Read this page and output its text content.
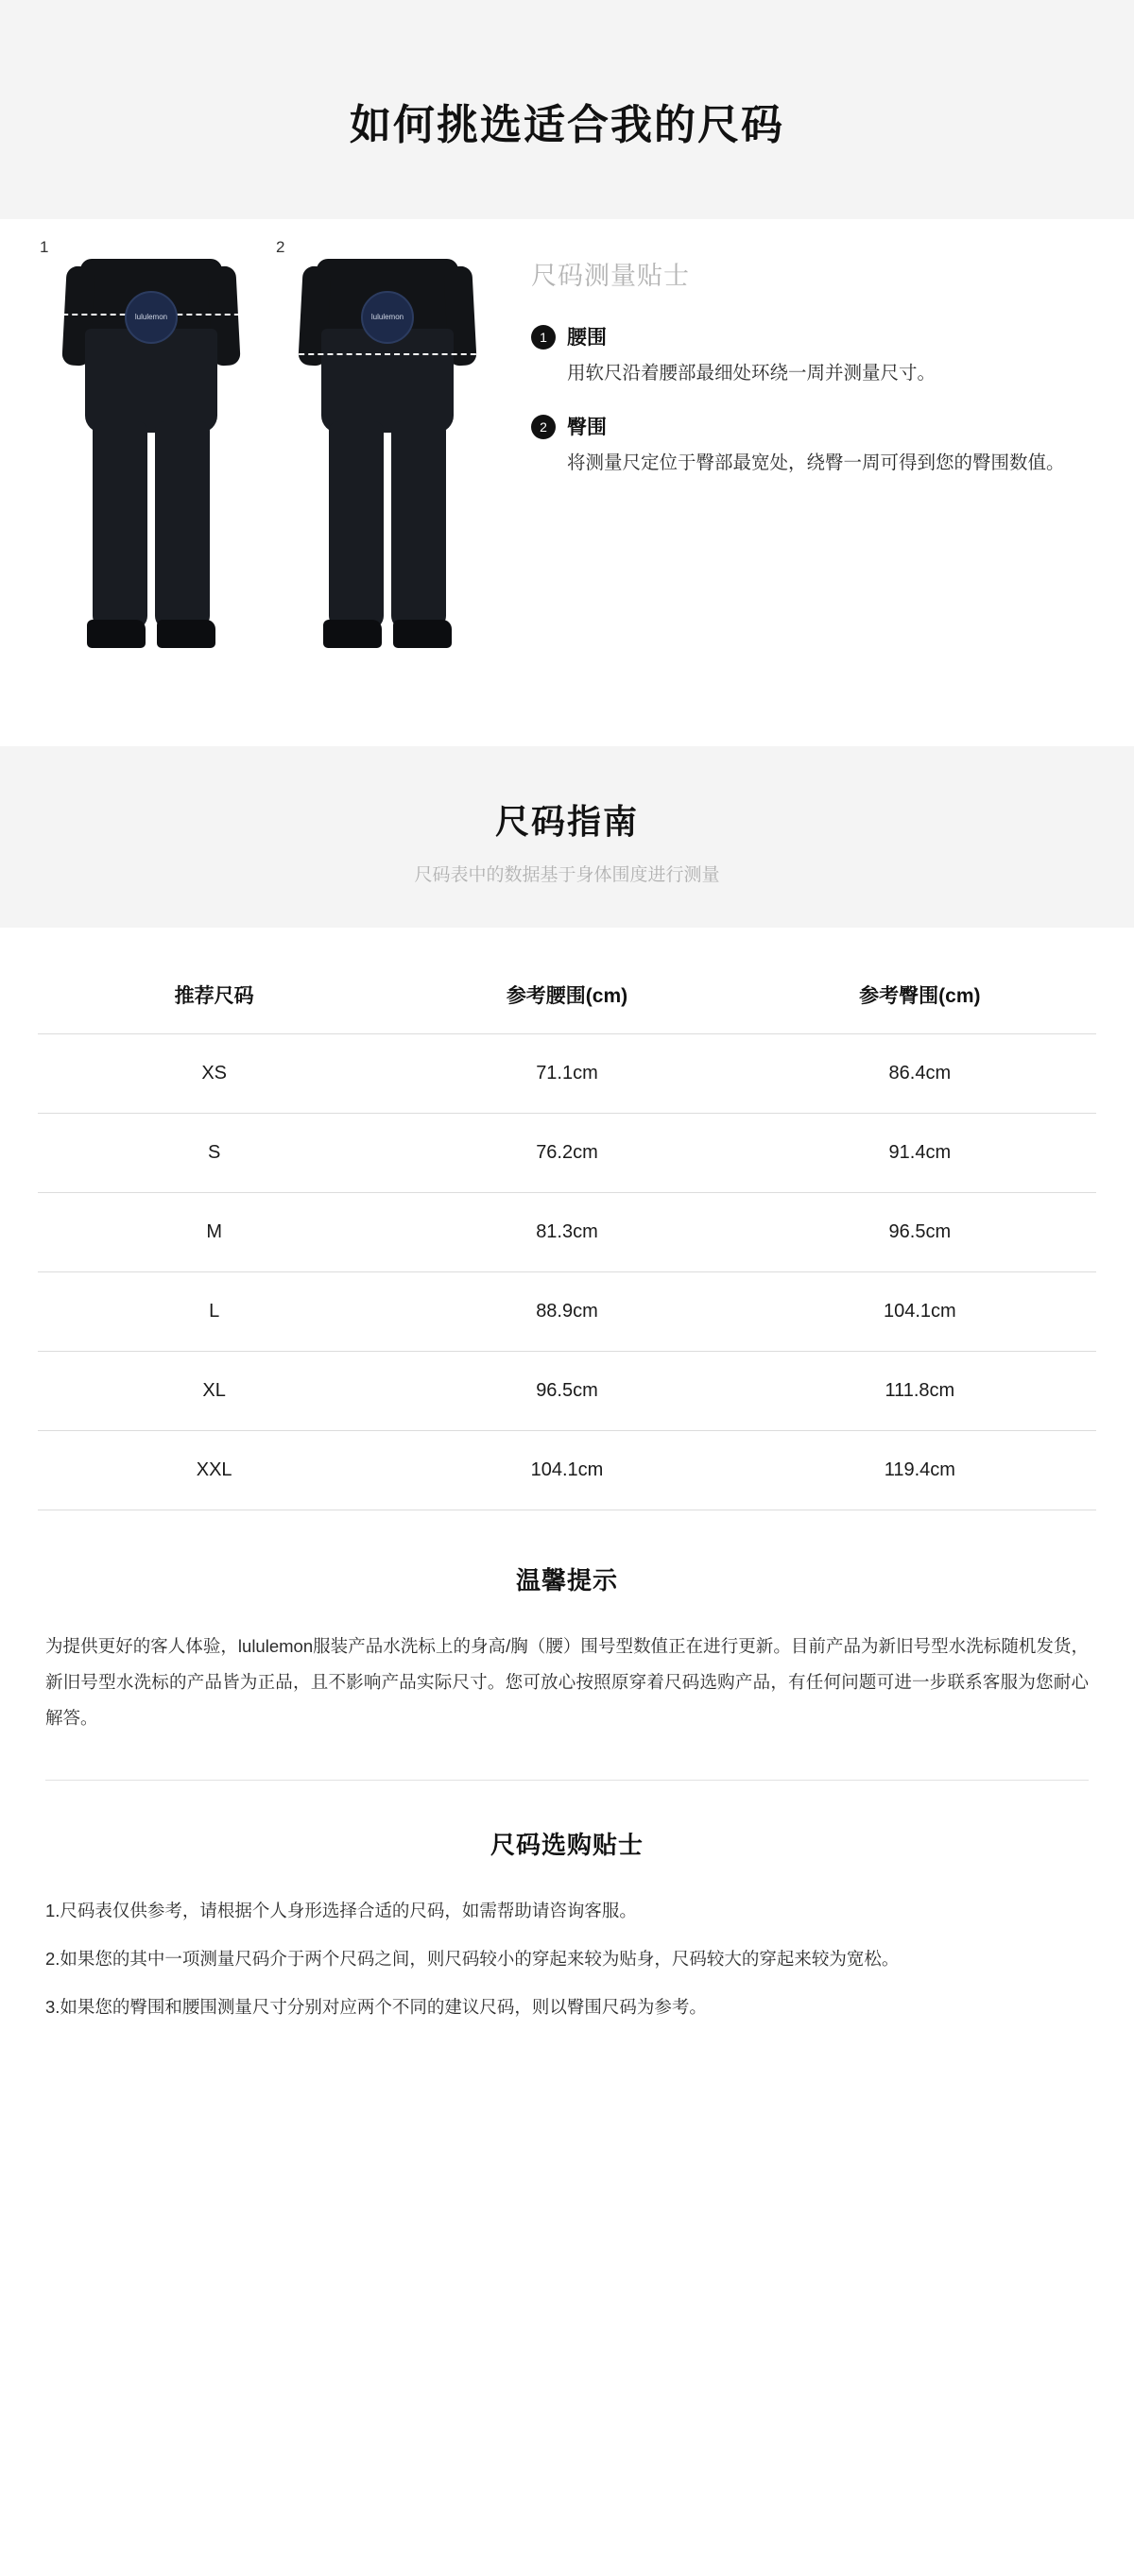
如何挑选适合我的尺码
1
lululemon
2
lululemon
尺码测量贴士
1	腰围
用软尺沿着腰部最细处环绕一周并测量尺寸。
2	臀围
将测量尺定位于臀部最宽处，绕臀一周可得到您的臀围数值。
尺码指南
尺码表中的数据基于身体围度进行测量
推荐尺码	参考腰围(cm)	参考臀围(cm)
XS	71.1cm	86.4cm
S	76.2cm	91.4cm
M	81.3cm	96.5cm
L	88.9cm	104.1cm
XL	96.5cm	111.8cm
XXL	104.1cm	119.4cm
温馨提示
为提供更好的客人体验，lululemon服装产品水洗标上的身高/胸（腰）围号型数值正在进行更新。目前产品为新旧号型水洗标随机发货，新旧号型水洗标的产品皆为正品，且不影响产品实际尺寸。您可放心按照原穿着尺码选购产品，有任何问题可进一步联系客服为您耐心解答。
尺码选购贴士
1.尺码表仅供参考，请根据个人身形选择合适的尺码，如需帮助请咨询客服。
2.如果您的其中一项测量尺码介于两个尺码之间，则尺码较小的穿起来较为贴身，尺码较大的穿起来较为宽松。
3.如果您的臀围和腰围测量尺寸分别对应两个不同的建议尺码，则以臀围尺码为参考。
